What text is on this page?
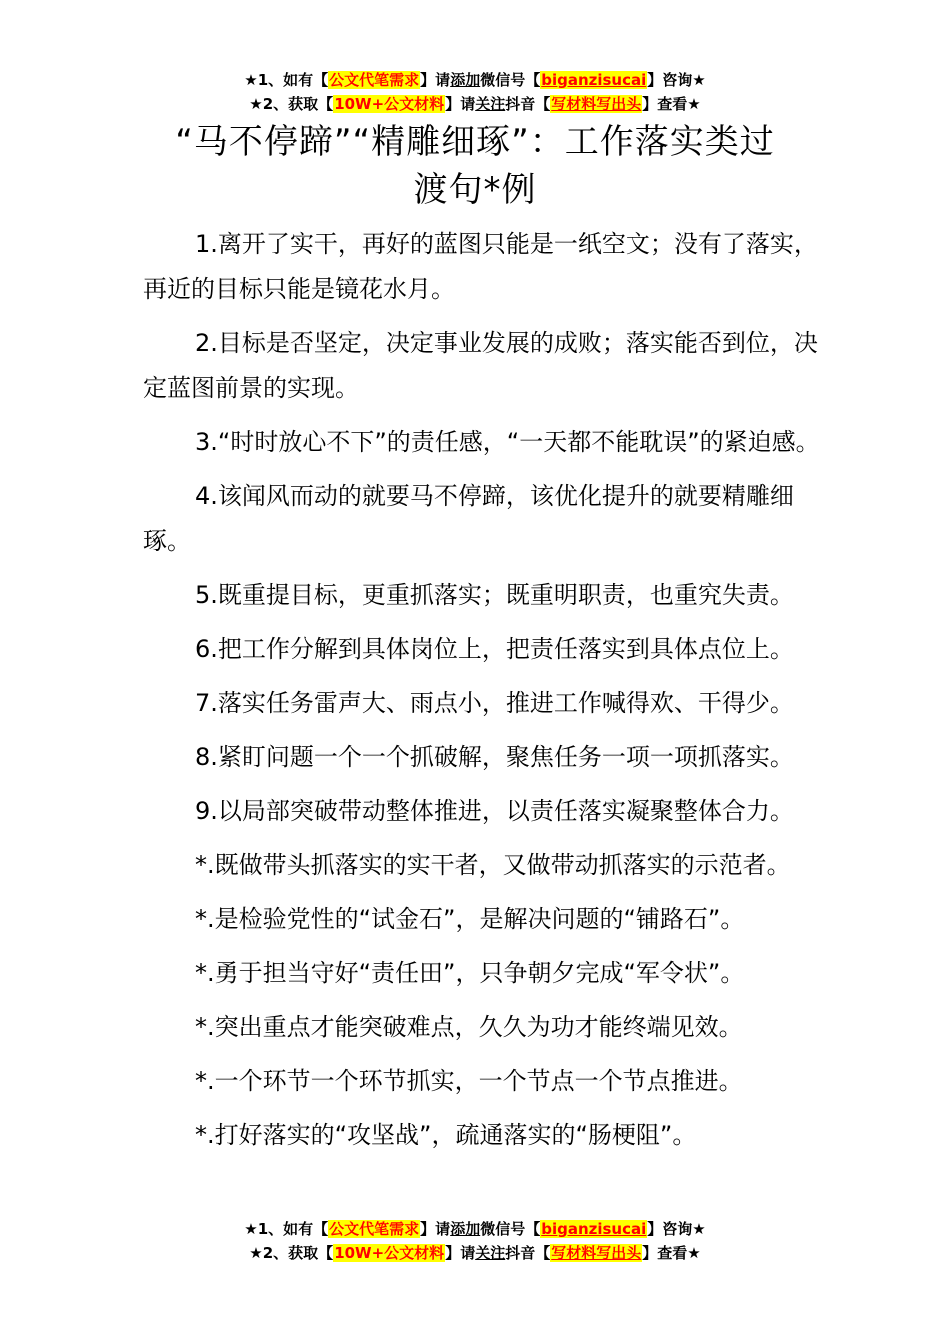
★1、如有【公文代笔需求】请添加微信号【biganzisucai】咨询★
★2、获取【10W+公文材料】请关注抖音【写材料写出头】查看★
“马不停蹄”“精雕细琢”：工作落实类过
渡句*例

1.离开了实干，再好的蓝图只能是一纸空文；没有了落实，再近的目标只能是镜花水月。

2.目标是否坚定，决定事业发展的成败；落实能否到位，决定蓝图前景的实现。

3.“时时放心不下”的责任感，“一天都不能耽误”的紧迫感。

4.该闻风而动的就要马不停蹄，该优化提升的就要精雕细琢。

5.既重提目标，更重抓落实；既重明职责，也重究失责。

6.把工作分解到具体岗位上，把责任落实到具体点位上。

7.落实任务雷声大、雨点小，推进工作喊得欢、干得少。

8.紧盯问题一个一个抓破解，聚焦任务一项一项抓落实。

9.以局部突破带动整体推进，以责任落实凝聚整体合力。

*.既做带头抓落实的实干者，又做带动抓落实的示范者。

*.是检验党性的“试金石”，是解决问题的“铺路石”。

*.勇于担当守好“责任田”，只争朝夕完成“军令状”。

*.突出重点才能突破难点，久久为功才能终端见效。

*.一个环节一个环节抓实，一个节点一个节点推进。

*.打好落实的“攻坚战”，疏通落实的“肠梗阻”。

★1、如有【公文代笔需求】请添加微信号【biganzisucai】咨询★
★2、获取【10W+公文材料】请关注抖音【写材料写出头】查看★
